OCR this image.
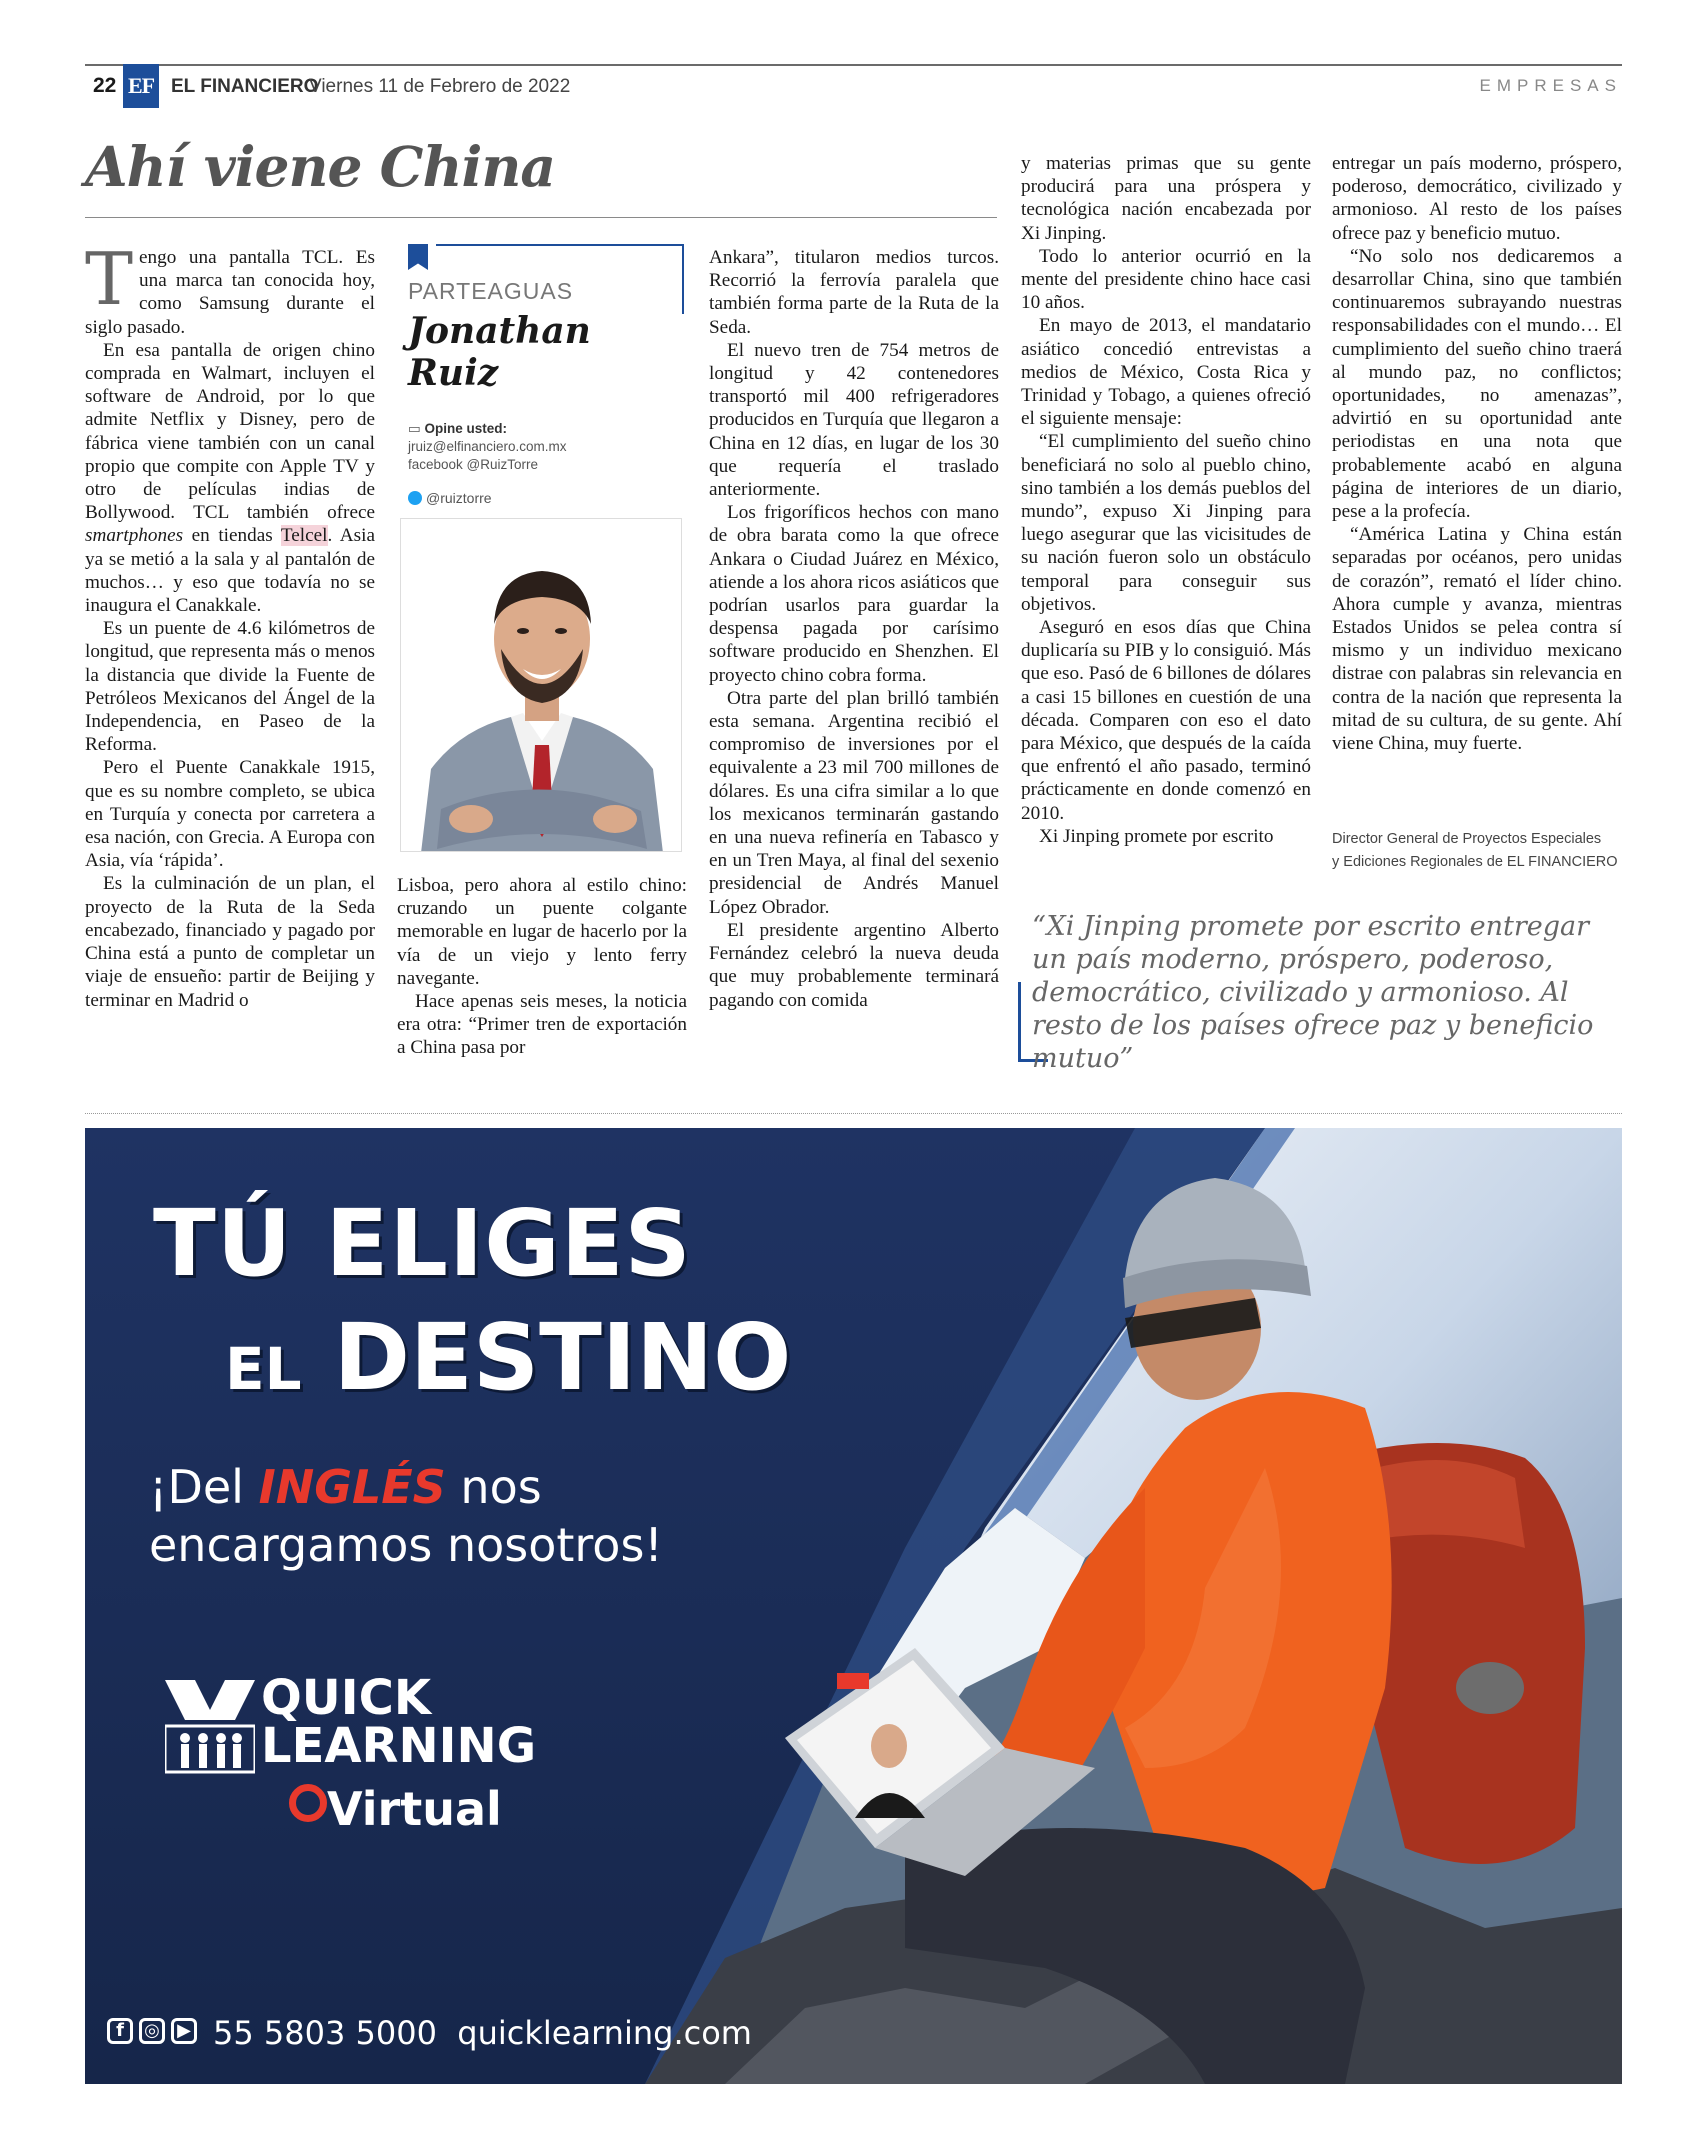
22 EF EL FINANCIERO
Viernes 11 de Febrero de 2022	EMPRESAS
Ahí viene China

Tengo una pantalla TCL. Es una marca tan conocida hoy, como Samsung durante el siglo pasado.

En esa pantalla de origen chino comprada en Walmart, incluyen el software de Android, por lo que admite Netflix y Disney, pero de fábrica viene también con un canal propio que compite con Apple TV y otro de películas indias de Bollywood. TCL también ofrece smartphones en tiendas Telcel. Asia ya se metió a la sala y al pantalón de muchos… y eso que todavía no se inaugura el Canakkale.

Es un puente de 4.6 kilómetros de longitud, que representa más o menos la distancia que divide la Fuente de Petróleos Mexicanos del Ángel de la Independencia, en Paseo de la Reforma.

Pero el Puente Canakkale 1915, que es su nombre completo, se ubica en Turquía y conecta por carretera a esa nación, con Grecia. A Europa con Asia, vía ‘rápida’.

Es la culminación de un plan, el proyecto de la Ruta de la Seda encabezado, financiado y pagado por China está a punto de completar un viaje de ensueño: partir de Beijing y terminar en Madrid o

PARTEAGUAS
Jonathan Ruiz
▭ Opine usted:
jruiz@elfinanciero.com.mx
facebook @RuizTorre
@ruiztorre

Lisboa, pero ahora al estilo chino: cruzando un puente colgante memorable en lugar de hacerlo por la vía de un viejo y lento ferry navegante.

Hace apenas seis meses, la noticia era otra: “Primer tren de exportación a China pasa por

Ankara”, titularon medios turcos. Recorrió la ferrovía paralela que también forma parte de la Ruta de la Seda.

El nuevo tren de 754 metros de longitud y 42 contenedores transportó mil 400 refrigeradores producidos en Turquía que llegaron a China en 12 días, en lugar de los 30 que requería el traslado anteriormente.

Los frigoríficos hechos con mano de obra barata como la que ofrece Ankara o Ciudad Juárez en México, atiende a los ahora ricos asiáticos que podrían usarlos para guardar la despensa pagada por carísimo software producido en Shenzhen. El proyecto chino cobra forma.

Otra parte del plan brilló también esta semana. Argentina recibió el compromiso de inversiones por el equivalente a 23 mil 700 millones de dólares. Es una cifra similar a lo que los mexicanos terminarán gastando en una nueva refinería en Tabasco y en un Tren Maya, al final del sexenio presidencial de Andrés Manuel López Obrador.

El presidente argentino Alberto Fernández celebró la nueva deuda que muy probablemente terminará pagando con comida

y materias primas que su gente producirá para una próspera y tecnológica nación encabezada por Xi Jinping.

Todo lo anterior ocurrió en la mente del presidente chino hace casi 10 años.

En mayo de 2013, el mandatario asiático concedió entrevistas a medios de México, Costa Rica y Trinidad y Tobago, a quienes ofreció el siguiente mensaje:

“El cumplimiento del sueño chino beneficiará no solo al pueblo chino, sino también a los demás pueblos del mundo”, expuso Xi Jinping para luego asegurar que las vicisitudes de su nación fueron solo un obstáculo temporal para conseguir sus objetivos.

Aseguró en esos días que China duplicaría su PIB y lo consiguió. Más que eso. Pasó de 6 billones de dólares a casi 15 billones en cuestión de una década. Comparen con eso el dato para México, que después de la caída que enfrentó el año pasado, terminó prácticamente en donde comenzó en 2010.

Xi Jinping promete por escrito

entregar un país moderno, próspero, poderoso, democrático, civilizado y armonioso. Al resto de los países ofrece paz y beneficio mutuo.

“No solo nos dedicaremos a desarrollar China, sino que también continuaremos subrayando nuestras responsabilidades con el mundo… El cumplimiento del sueño chino traerá al mundo paz, no conflictos; oportunidades, no amenazas”, advirtió en su oportunidad ante periodistas en una nota que probablemente acabó en alguna página de interiores de un diario, pese a la profecía.

“América Latina y China están separadas por océanos, pero unidas de corazón”, remató el líder chino. Ahora cumple y avanza, mientras Estados Unidos se pelea contra sí mismo y un individuo mexicano distrae con palabras sin relevancia en contra de la nación que representa la mitad de su cultura, de su gente. Ahí viene China, muy fuerte.

Director General de Proyectos Especiales
y Ediciones Regionales de EL FINANCIERO
“Xi Jinping promete por escrito entregar un país moderno, próspero, poderoso, democrático, civilizado y armonioso. Al resto de los países ofrece paz y beneficio mutuo”
TÚ ELIGES
EL DESTINO
¡Del INGLÉS nos
encargamos nosotros!
QUICK
LEARNING
Virtual
f ◎ ▶ 55 5803 5000 quicklearning.com
